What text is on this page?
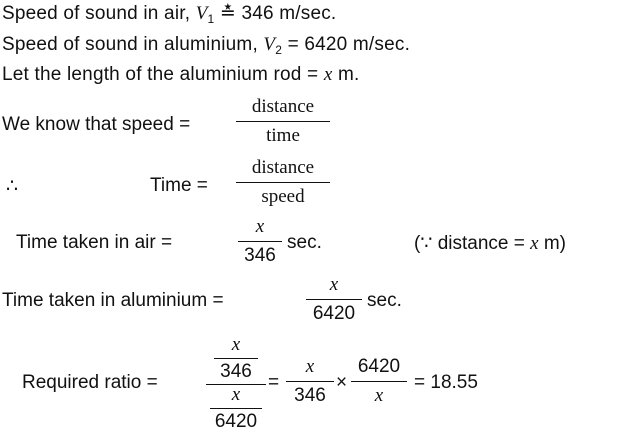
Speed of sound in air, $V_1$ ≛ 346 m/sec.
Speed of sound in aluminium, $V_2 = 6420$ m/sec.
Let the length of the aluminium rod = x m.
We know that speed =
distance
time
∴	Time =
distance
speed
Time taken in air =
x
346
sec.	(∵ distance = x m)
Time taken in aluminium =
x
6420
sec.
Required ratio =
x
346
x
6420
=
x
346
×
6420
x
= 18.55
